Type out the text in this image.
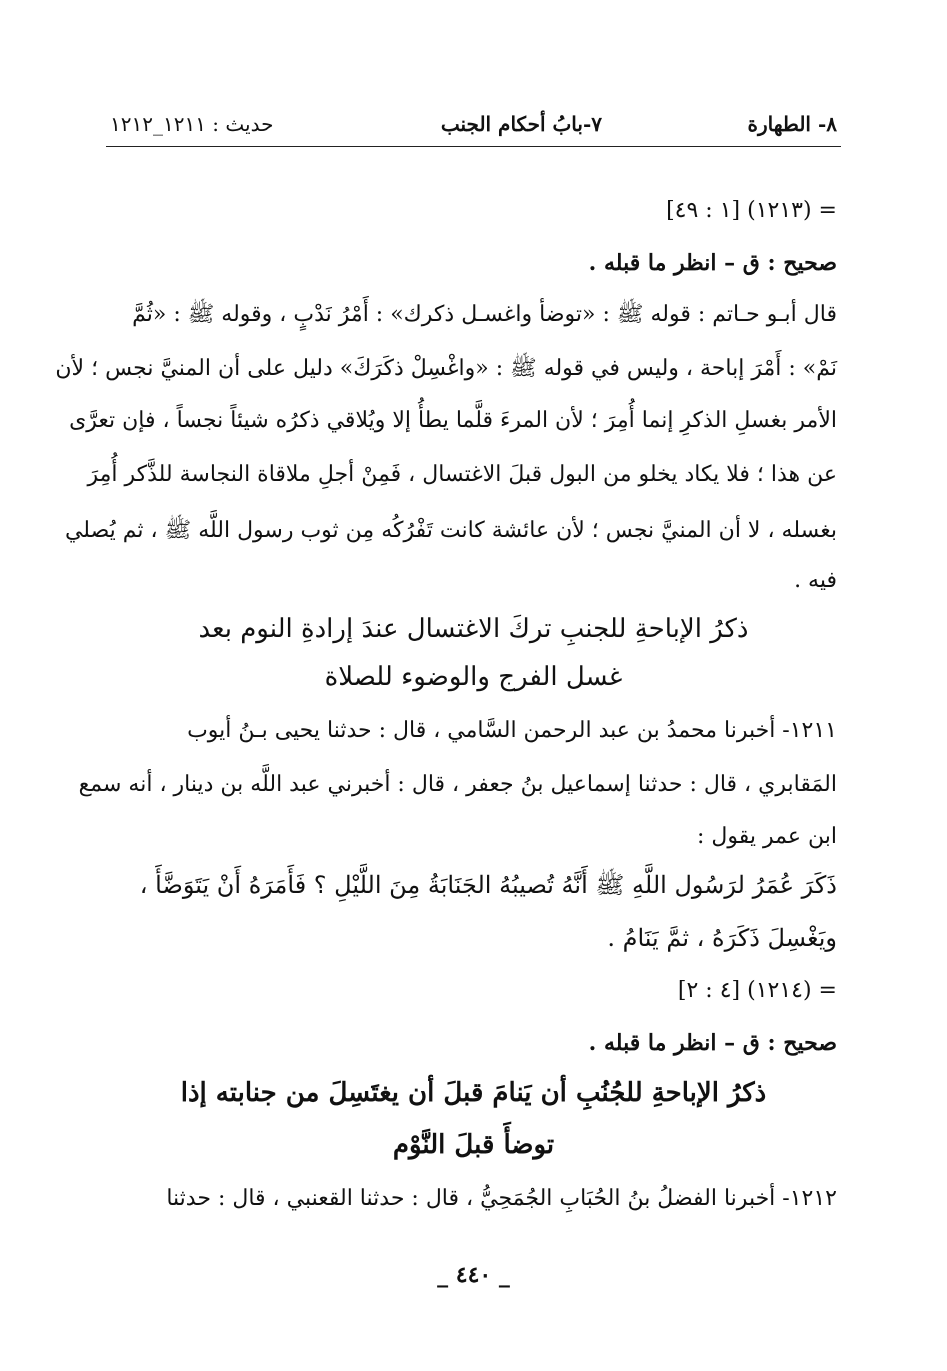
٨- الطهارة
٧-بابُ أحكام الجنب
حديث : ١٢١١_١٢١٢
= (١٢١٣) [١ : ٤٩]
صحيح : ق – انظر ما قبله .
قال أبـو حـاتم : قوله ﷺ : «توضأ واغسـل ذكرك» : أَمْرُ نَدْبٍ ، وقوله ﷺ : «ثُمَّ
نَمْ» : أَمْرَ إباحة ، وليس في قوله ﷺ : «واغْسِلْ ذكَرَكَ» دليل على أن المنيَّ نجس ؛ لأن
الأمر بغسلِ الذكرِ إنما أُمِرَ ؛ لأن المرءَ قلَّما يطأُ إلا ويُلاقي ذكرُه شيئاً نجساً ، فإن تعرَّى
عن هذا ؛ فلا يكاد يخلو من البول قبلَ الاغتسال ، فَمِنْ أجلِ ملاقاة النجاسة للذَّكر أُمِرَ
بغسله ، لا أن المنيَّ نجس ؛ لأن عائشة كانت تَفْرُكُه مِن ثوب رسول اللَّه ﷺ ، ثم يُصلي
فيه .
ذكرُ الإباحةِ للجنبِ تركَ الاغتسال عندَ إرادةِ النوم بعد
غسل الفرج والوضوء للصلاة
١٢١١- أخبرنا محمدُ بن عبد الرحمن السَّامي ، قال : حدثنا يحيى بـنُ أيوب
المَقابري ، قال : حدثنا إسماعيل بنُ جعفر ، قال : أخبرني عبد اللَّه بن دينار ، أنه سمع
ابن عمر يقول :
ذَكَرَ عُمَرُ لرَسُول اللَّهِ ﷺ أَنَّهُ تُصيبُهُ الجَنَابَةُ مِنَ اللَّيْلِ ؟ فَأَمَرَهُ أَنْ يَتَوَضَّأَ ،
ويَغْسِلَ ذَكَرَهُ ، ثمَّ يَنَامُ .
= (١٢١٤) [٤ : ٢]
صحيح : ق – انظر ما قبله .
ذكرُ الإباحةِ للجُنُبِ أن يَنامَ قبلَ أن يغتَسِلَ من جنابته إذا
توضأَ قبلَ النَّوْم
١٢١٢- أخبرنا الفضلُ بنُ الحُبَابِ الجُمَحِيُّ ، قال : حدثنا القعنبي ، قال : حدثنا
_ ٤٤٠ _
